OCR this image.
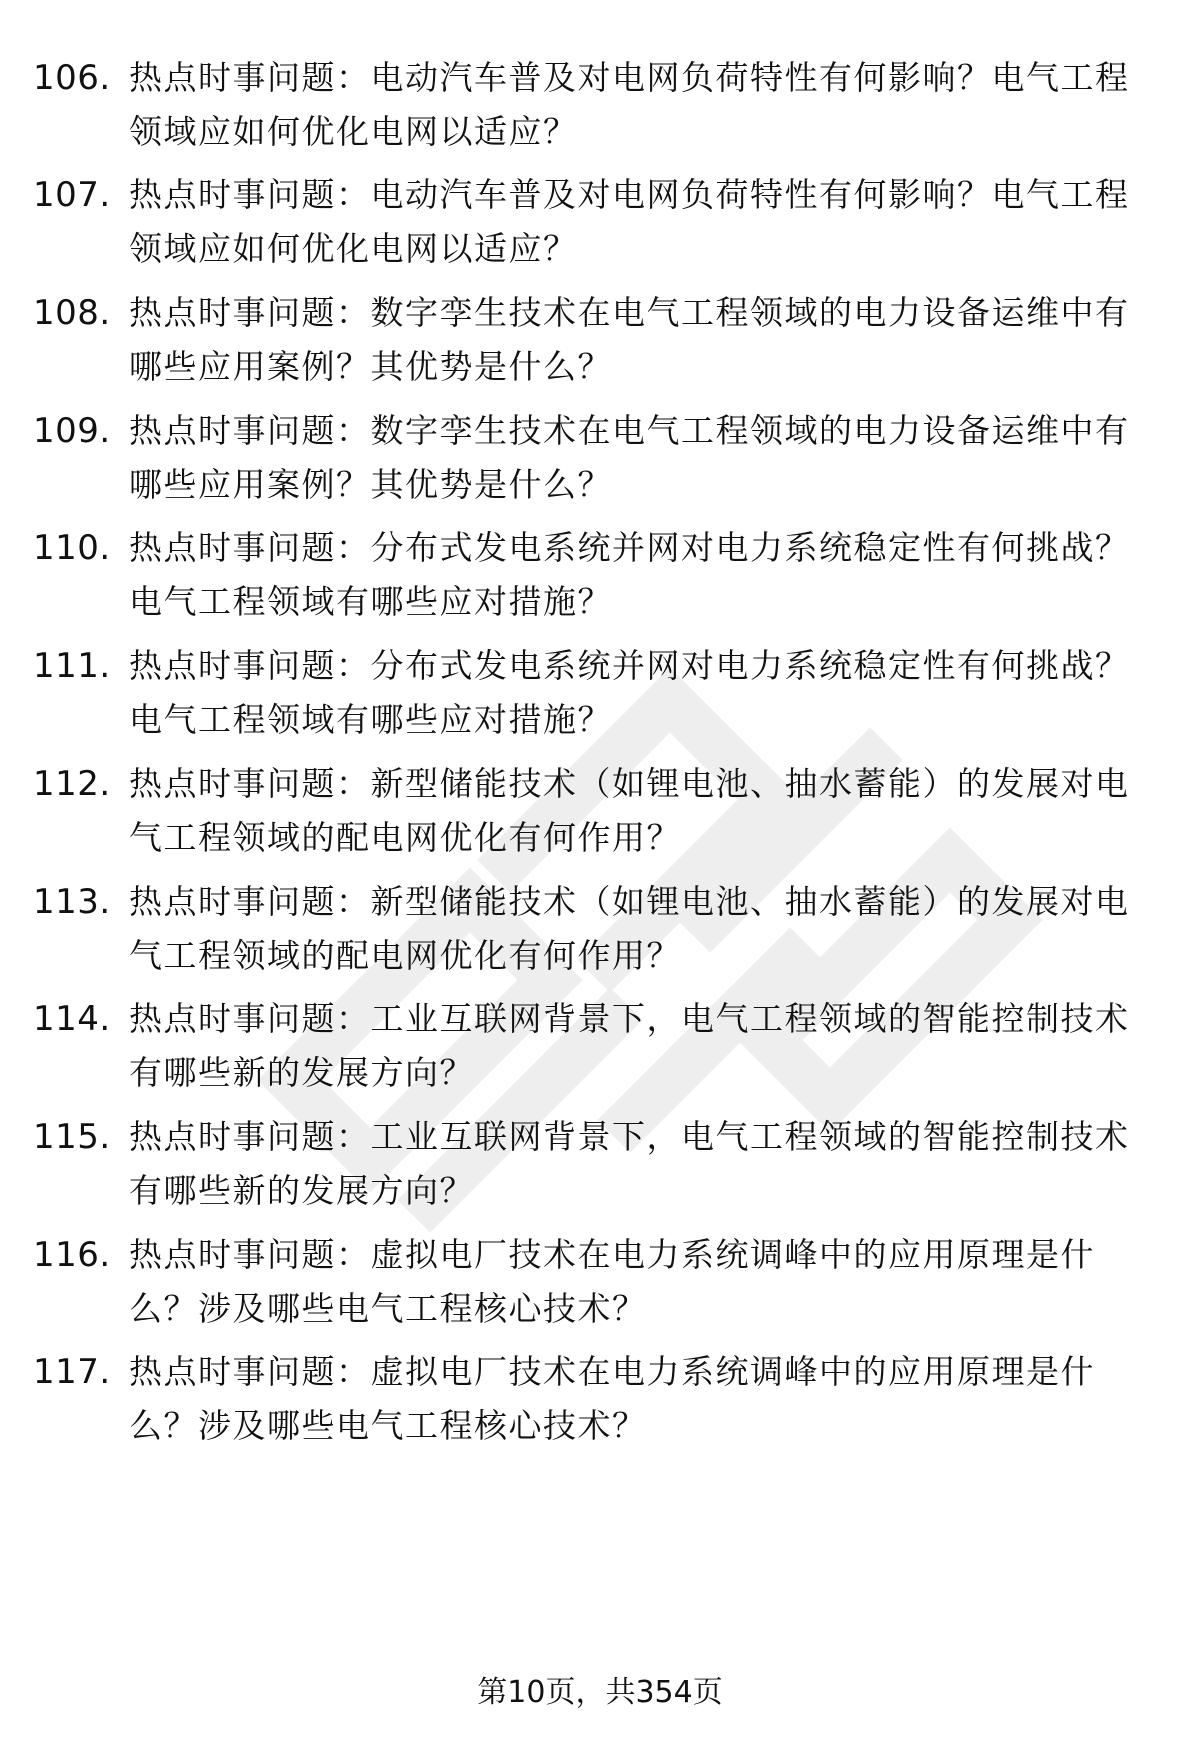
106. 热点时事问题：电动汽车普及对电网负荷特性有何影响？电气工程领域应如何优化电网以适应？
107. 热点时事问题：电动汽车普及对电网负荷特性有何影响？电气工程领域应如何优化电网以适应？
108. 热点时事问题：数字孪生技术在电气工程领域的电力设备运维中有哪些应用案例？其优势是什么？
109. 热点时事问题：数字孪生技术在电气工程领域的电力设备运维中有哪些应用案例？其优势是什么？
110. 热点时事问题：分布式发电系统并网对电力系统稳定性有何挑战？电气工程领域有哪些应对措施？
111. 热点时事问题：分布式发电系统并网对电力系统稳定性有何挑战？电气工程领域有哪些应对措施？
112. 热点时事问题：新型储能技术（如锂电池、抽水蓄能）的发展对电气工程领域的配电网优化有何作用？
113. 热点时事问题：新型储能技术（如锂电池、抽水蓄能）的发展对电气工程领域的配电网优化有何作用？
114. 热点时事问题：工业互联网背景下，电气工程领域的智能控制技术有哪些新的发展方向？
115. 热点时事问题：工业互联网背景下，电气工程领域的智能控制技术有哪些新的发展方向？
116. 热点时事问题：虚拟电厂技术在电力系统调峰中的应用原理是什么？涉及哪些电气工程核心技术？
117. 热点时事问题：虚拟电厂技术在电力系统调峰中的应用原理是什么？涉及哪些电气工程核心技术？
第10页，共354页
